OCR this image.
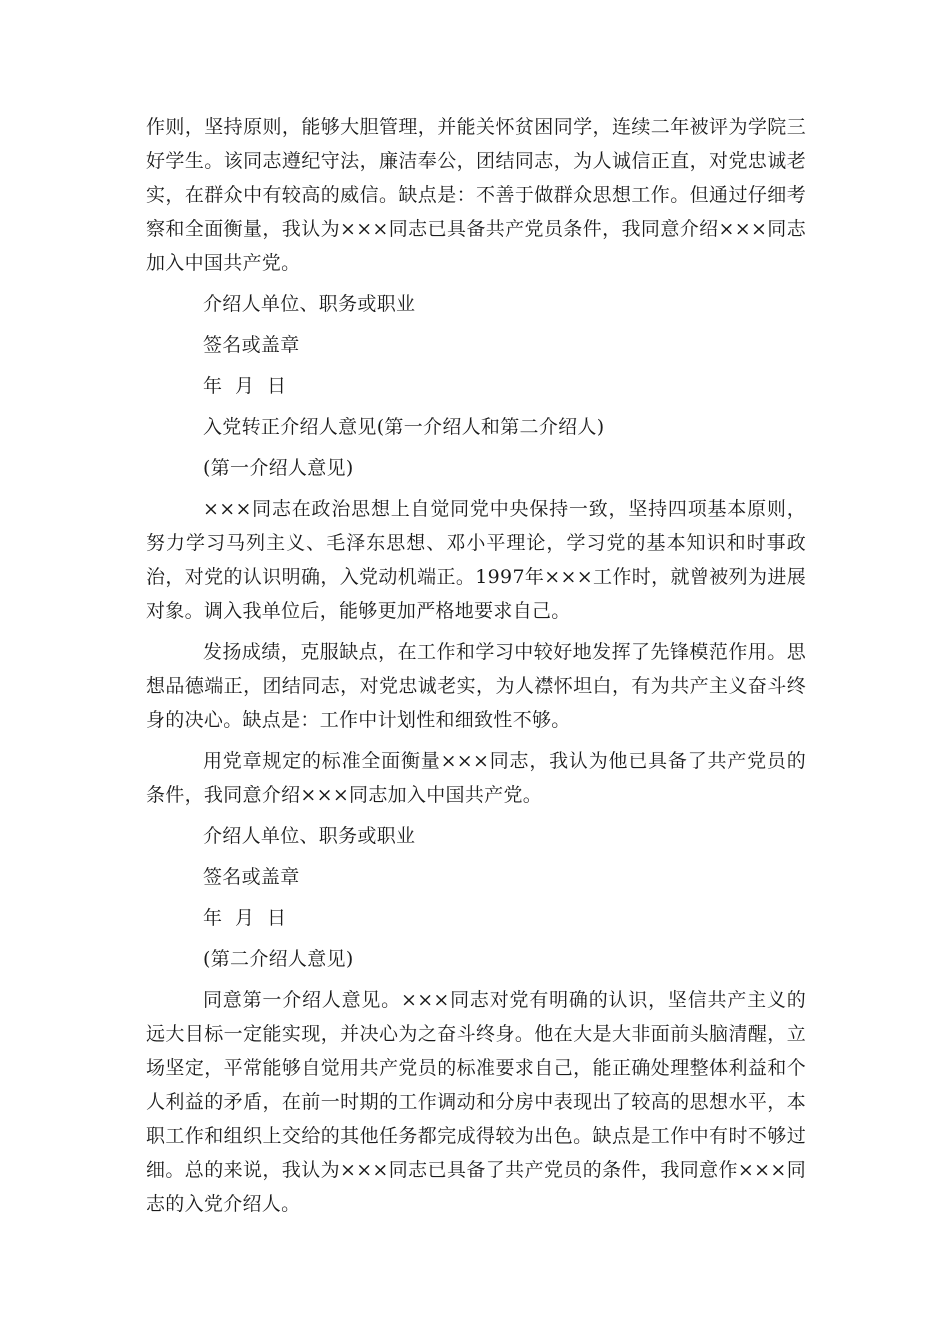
作则，坚持原则，能够大胆管理，并能关怀贫困同学，连续二年被评为学院三好学生。该同志遵纪守法，廉洁奉公，团结同志，为人诚信正直，对党忠诚老实，在群众中有较高的威信。缺点是：不善于做群众思想工作。但通过仔细考察和全面衡量，我认为×××同志已具备共产党员条件，我同意介绍×××同志加入中国共产党。

介绍人单位、职务或职业
签名或盖章
年  月  日
入党转正介绍人意见(第一介绍人和第二介绍人)
(第一介绍人意见)

×××同志在政治思想上自觉同党中央保持一致，坚持四项基本原则，努力学习马列主义、毛泽东思想、邓小平理论，学习党的基本知识和时事政治，对党的认识明确，入党动机端正。1997年×××工作时，就曾被列为进展对象。调入我单位后，能够更加严格地要求自己。

发扬成绩，克服缺点，在工作和学习中较好地发挥了先锋模范作用。思想品德端正，团结同志，对党忠诚老实，为人襟怀坦白，有为共产主义奋斗终身的决心。缺点是：工作中计划性和细致性不够。

用党章规定的标准全面衡量×××同志，我认为他已具备了共产党员的条件，我同意介绍×××同志加入中国共产党。

介绍人单位、职务或职业
签名或盖章
年  月  日
(第二介绍人意见)

同意第一介绍人意见。×××同志对党有明确的认识，坚信共产主义的远大目标一定能实现，并决心为之奋斗终身。他在大是大非面前头脑清醒，立场坚定，平常能够自觉用共产党员的标准要求自己，能正确处理整体利益和个人利益的矛盾，在前一时期的工作调动和分房中表现出了较高的思想水平，本职工作和组织上交给的其他任务都完成得较为出色。缺点是工作中有时不够过细。总的来说，我认为×××同志已具备了共产党员的条件，我同意作×××同志的入党介绍人。
